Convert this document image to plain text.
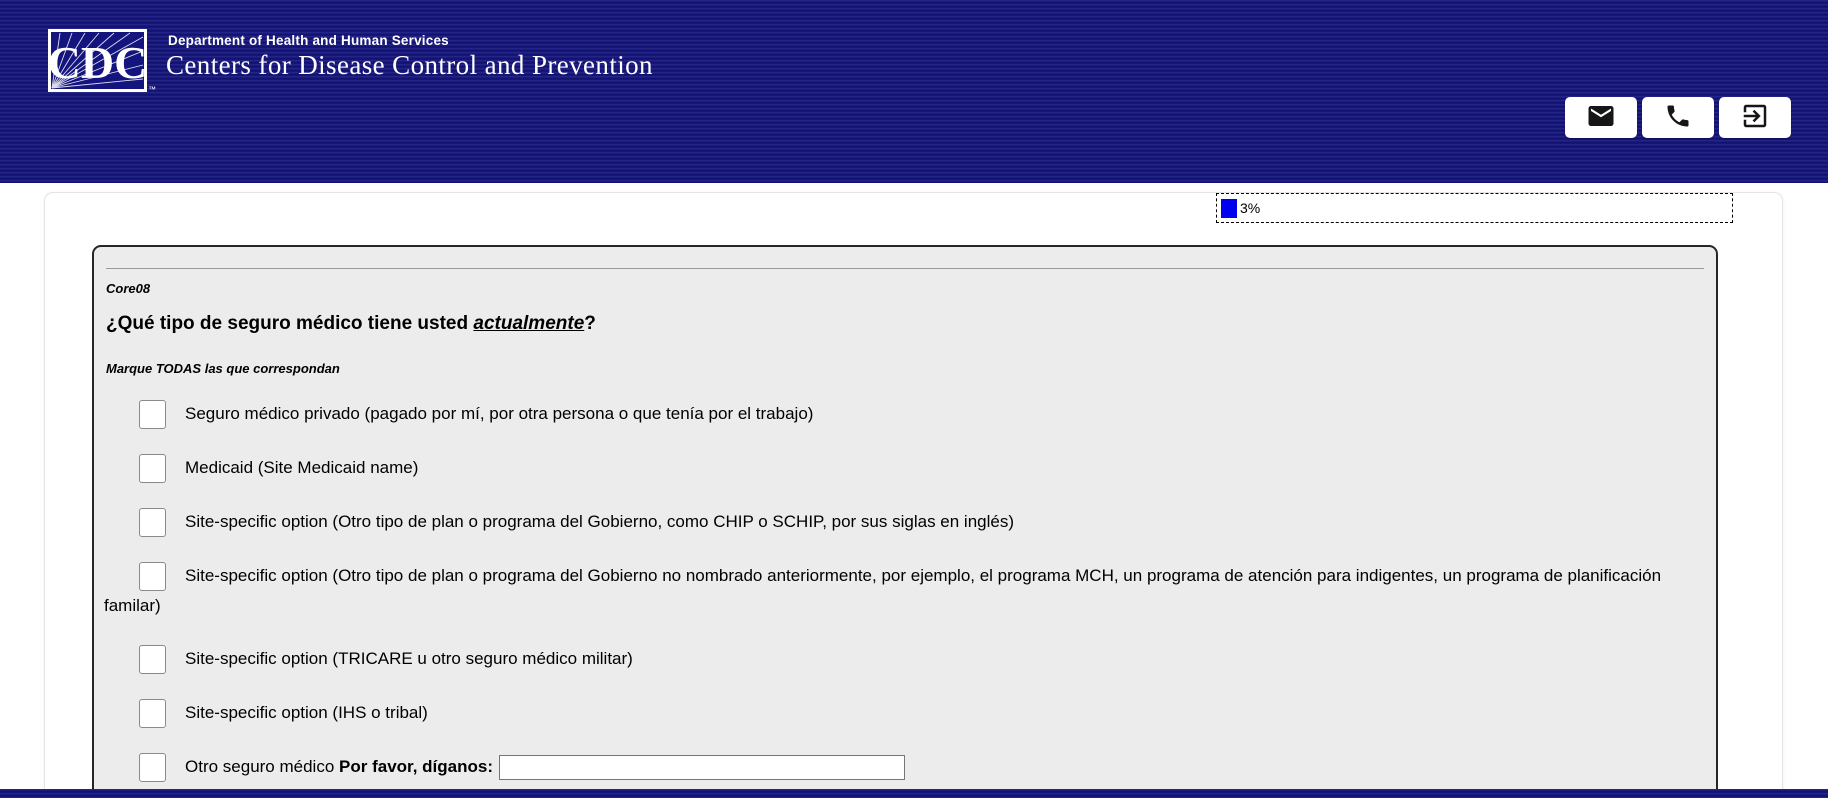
CDC
™
Department of Health and Human Services
Centers for Disease Control and Prevention
3%
Core08
¿Qué tipo de seguro médico tiene usted actualmente?
Marque TODAS las que correspondan
Seguro médico privado (pagado por mí, por otra persona o que tenía por el trabajo)
Medicaid (Site Medicaid name)
Site-specific option (Otro tipo de plan o programa del Gobierno, como CHIP o SCHIP, por sus siglas en inglés)
Site-specific option (Otro tipo de plan o programa del Gobierno no nombrado anteriormente, por ejemplo, el programa MCH, un programa de atención para indigentes, un programa de planificación familar)
Site-specific option (TRICARE u otro seguro médico militar)
Site-specific option (IHS o tribal)
Otro seguro médico Por favor, díganos:
